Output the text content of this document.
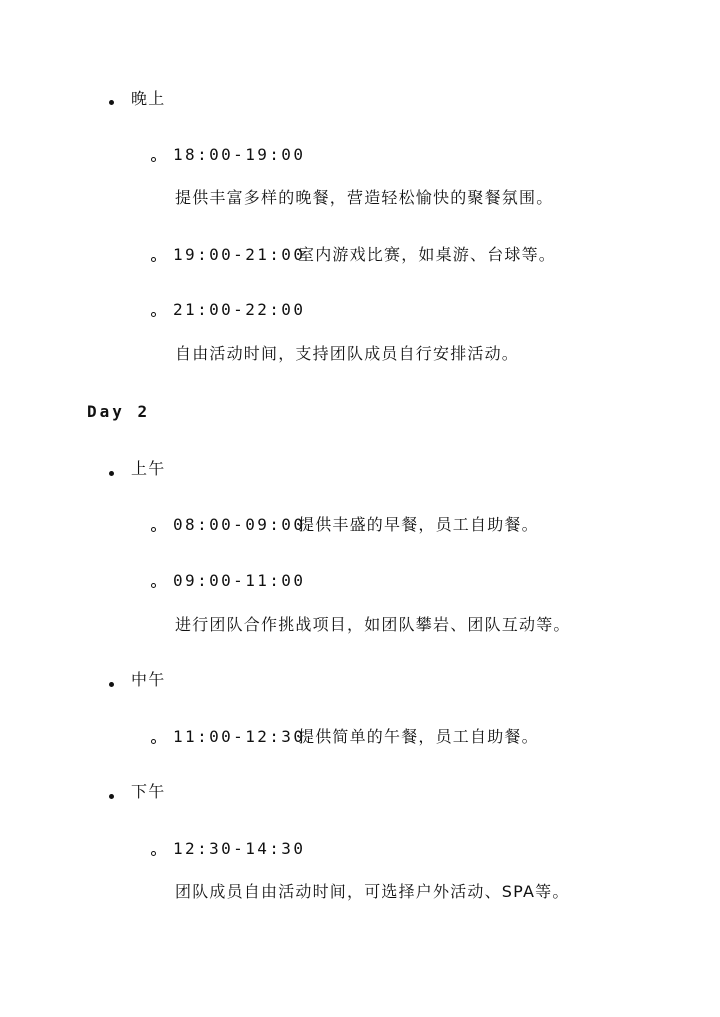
晚上
18:00-19:00
提供丰富多样的晚餐，营造轻松愉快的聚餐氛围。
19:00-21:00
室内游戏比赛，如桌游、台球等。
21:00-22:00
自由活动时间，支持团队成员自行安排活动。
Day 2
上午
08:00-09:00
提供丰盛的早餐，员工自助餐。
09:00-11:00
进行团队合作挑战项目，如团队攀岩、团队互动等。
中午
11:00-12:30
提供简单的午餐，员工自助餐。
下午
12:30-14:30
团队成员自由活动时间，可选择户外活动、SPA等。
